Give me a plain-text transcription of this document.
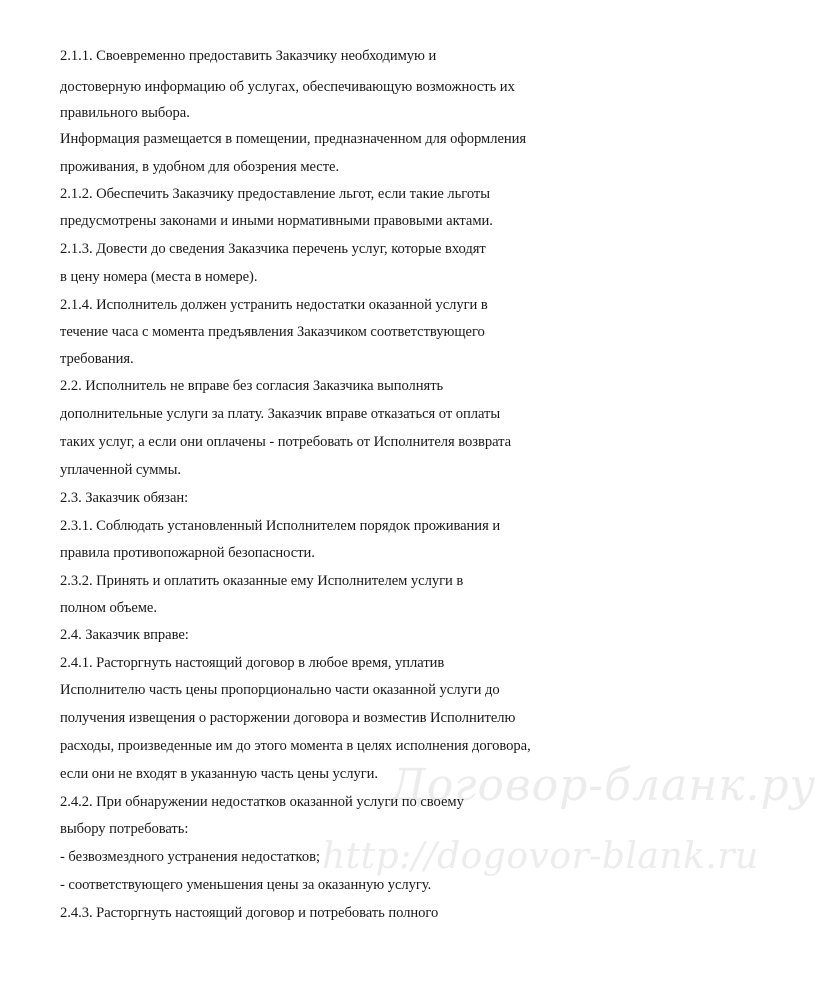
Договор-бланк.ру
http://dogovor-blank.ru
2.1.1. Своевременно предоставить Заказчику необходимую и
достоверную информацию об услугах, обеспечивающую возможность их
правильного выбора.
Информация размещается в помещении, предназначенном для оформления
проживания, в удобном для обозрения месте.
2.1.2. Обеспечить Заказчику предоставление льгот, если такие льготы
предусмотрены законами и иными нормативными правовыми актами.
2.1.3. Довести до сведения Заказчика перечень услуг, которые входят
в цену номера (места в номере).
2.1.4. Исполнитель должен устранить недостатки оказанной услуги в
течение часа с момента предъявления Заказчиком соответствующего
требования.
2.2. Исполнитель не вправе без согласия Заказчика выполнять
дополнительные услуги за плату. Заказчик вправе отказаться от оплаты
таких услуг, а если они оплачены - потребовать от Исполнителя возврата
уплаченной суммы.
2.3. Заказчик обязан:
2.3.1. Соблюдать установленный Исполнителем порядок проживания и
правила противопожарной безопасности.
2.3.2. Принять и оплатить оказанные ему Исполнителем услуги в
полном объеме.
2.4. Заказчик вправе:
2.4.1. Расторгнуть настоящий договор в любое время, уплатив
Исполнителю часть цены пропорционально части оказанной услуги до
получения извещения о расторжении договора и возместив Исполнителю
расходы, произведенные им до этого момента в целях исполнения договора,
если они не входят в указанную часть цены услуги.
2.4.2. При обнаружении недостатков оказанной услуги по своему
выбору потребовать:
- безвозмездного устранения недостатков;
- соответствующего уменьшения цены за оказанную услугу.
2.4.3. Расторгнуть настоящий договор и потребовать полного
